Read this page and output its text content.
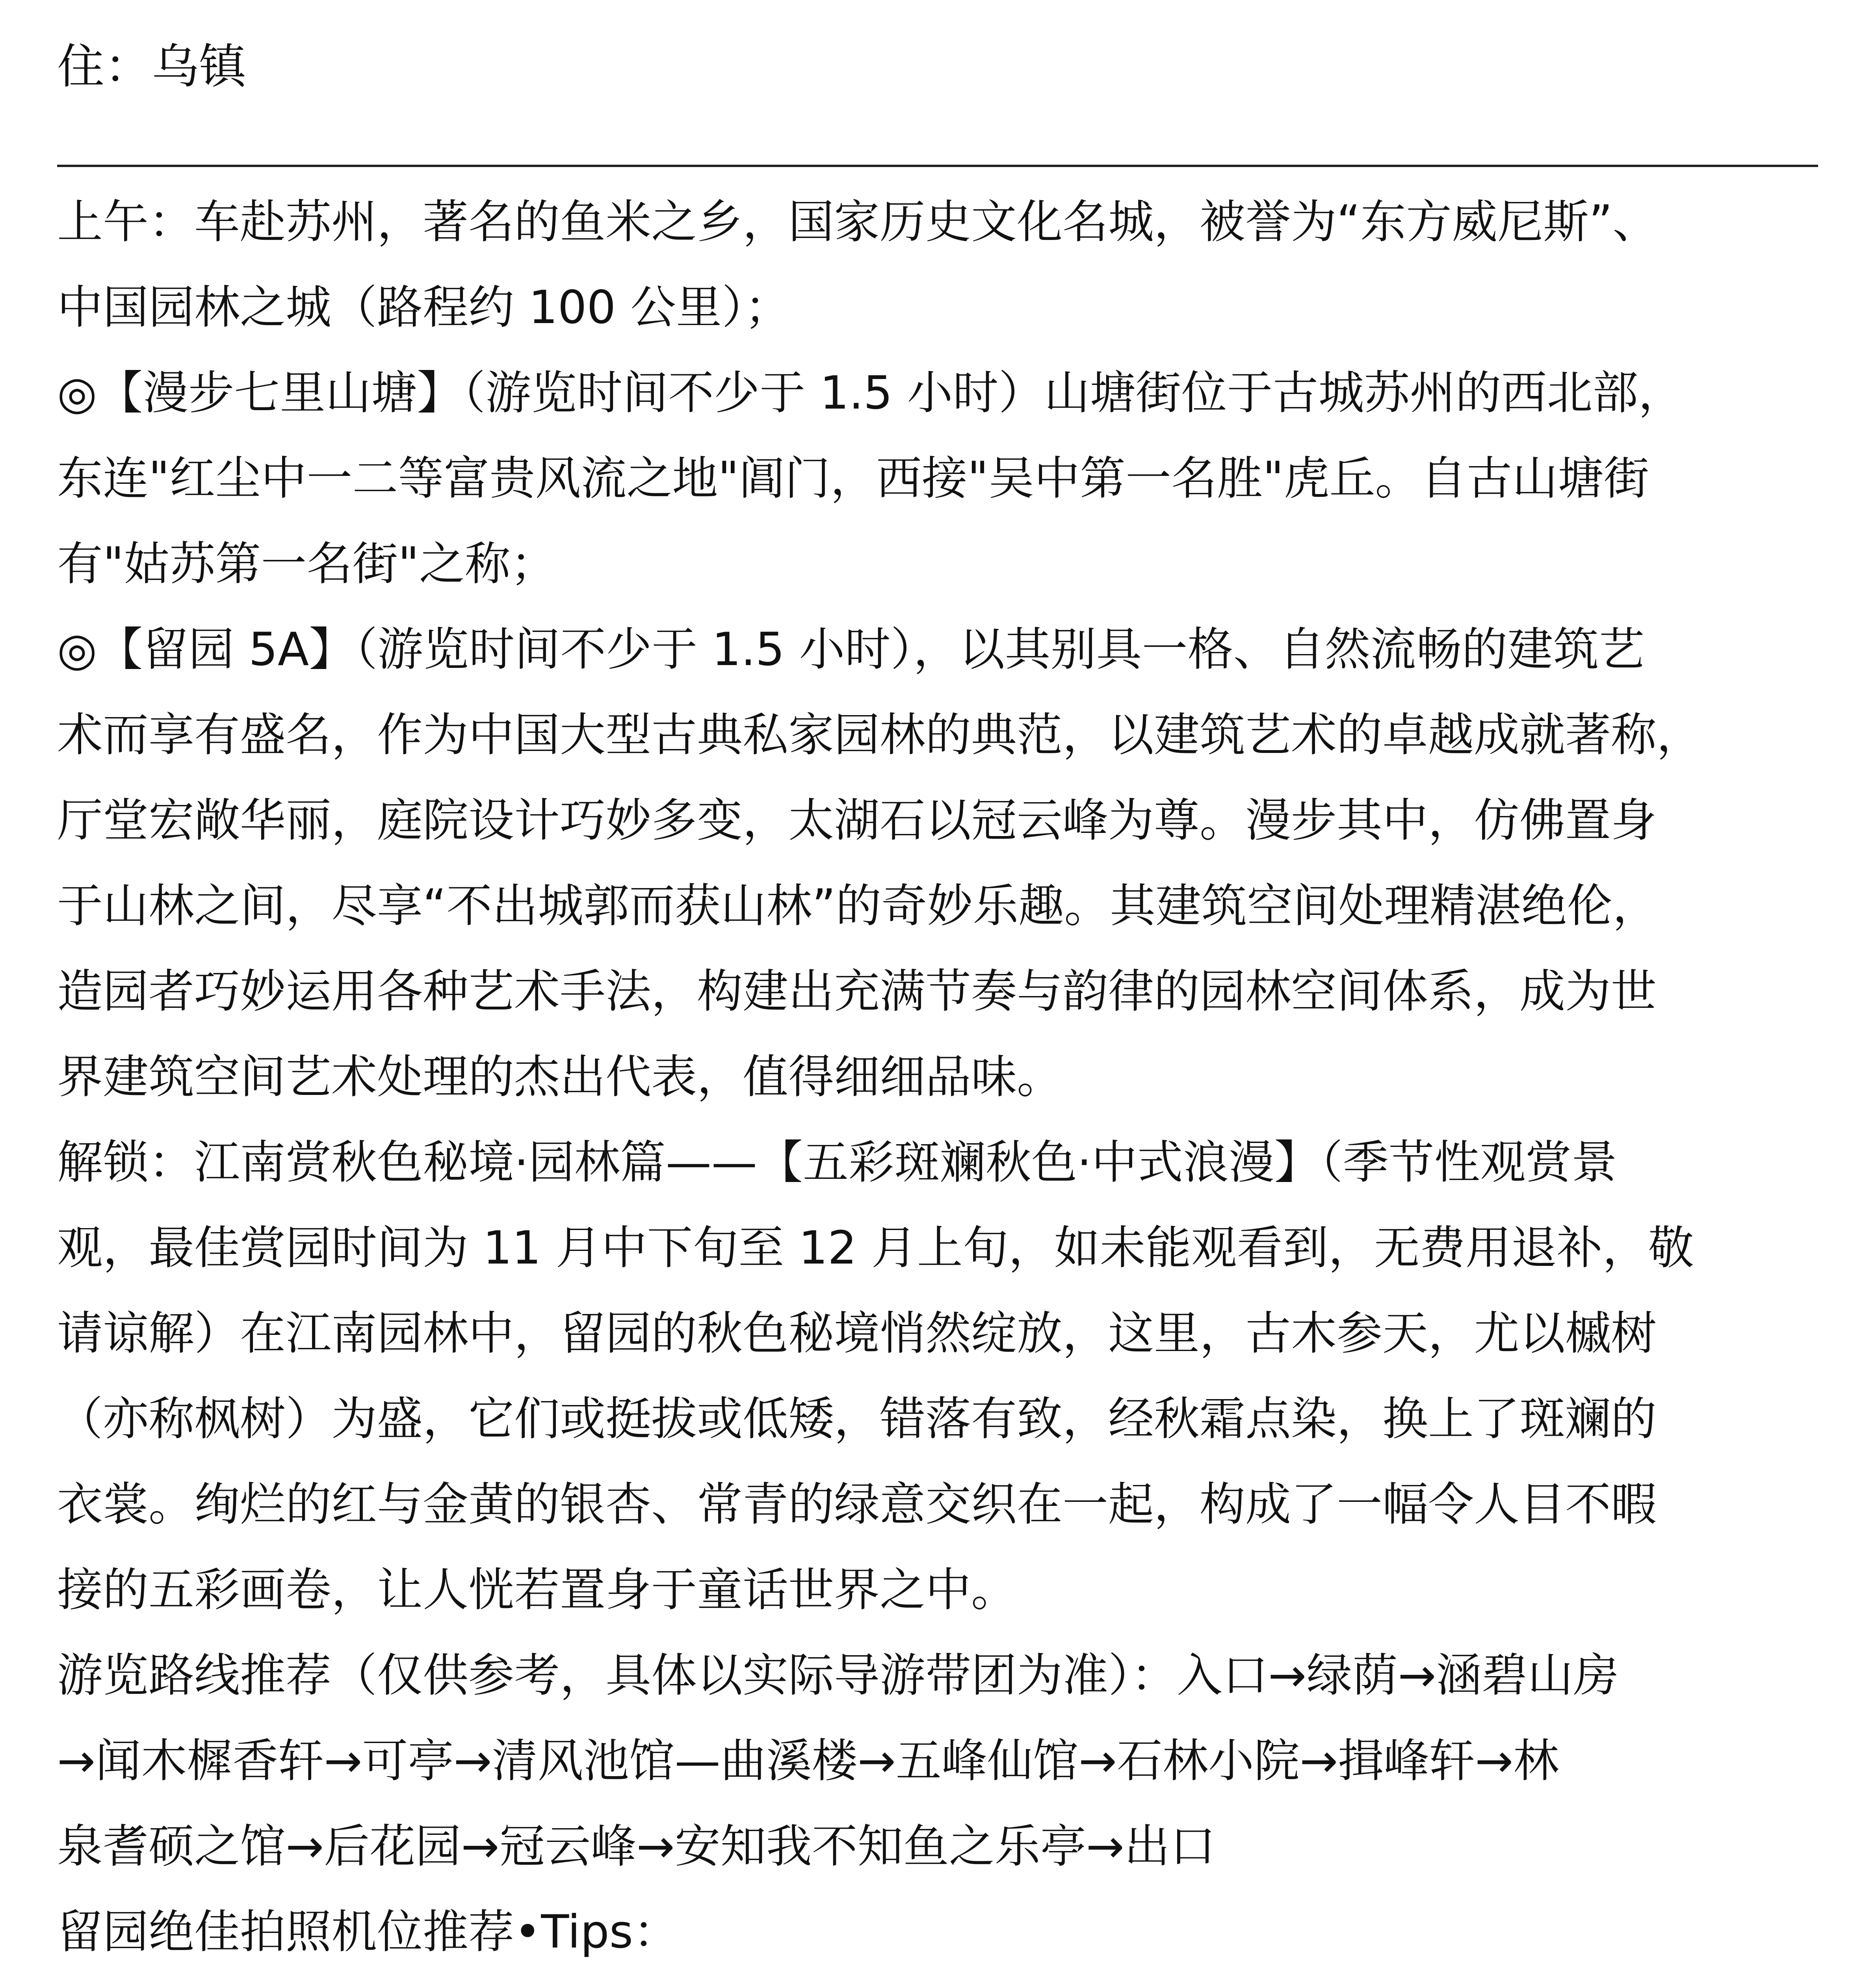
住：乌镇

上午：车赴苏州，著名的鱼米之乡，国家历史文化名城，被誉为“东方威尼斯”、

中国园林之城（路程约 100 公里）；

◎【漫步七里山塘】（游览时间不少于 1.5 小时）山塘街位于古城苏州的西北部，

东连"红尘中一二等富贵风流之地"阊门，西接"吴中第一名胜"虎丘。自古山塘街

有"姑苏第一名街"之称；

◎【留园 5A】（游览时间不少于 1.5 小时），以其别具一格、自然流畅的建筑艺

术而享有盛名，作为中国大型古典私家园林的典范，以建筑艺术的卓越成就著称，

厅堂宏敞华丽，庭院设计巧妙多变，太湖石以冠云峰为尊。漫步其中，仿佛置身

于山林之间，尽享“不出城郭而获山林”的奇妙乐趣。其建筑空间处理精湛绝伦，

造园者巧妙运用各种艺术手法，构建出充满节奏与韵律的园林空间体系，成为世

界建筑空间艺术处理的杰出代表，值得细细品味。

解锁：江南赏秋色秘境·园林篇——【五彩斑斓秋色·中式浪漫】（季节性观赏景

观，最佳赏园时间为 11 月中下旬至 12 月上旬，如未能观看到，无费用退补，敬

请谅解）在江南园林中，留园的秋色秘境悄然绽放，这里，古木参天，尤以槭树

（亦称枫树）为盛，它们或挺拔或低矮，错落有致，经秋霜点染，换上了斑斓的

衣裳。绚烂的红与金黄的银杏、常青的绿意交织在一起，构成了一幅令人目不暇

接的五彩画卷，让人恍若置身于童话世界之中。

游览路线推荐（仅供参考，具体以实际导游带团为准）：入口→绿荫→涵碧山房

→闻木樨香轩→可亭→清风池馆—曲溪楼→五峰仙馆→石林小院→揖峰轩→林

泉耆硕之馆→后花园→冠云峰→安知我不知鱼之乐亭→出口

留园绝佳拍照机位推荐•Tips：
